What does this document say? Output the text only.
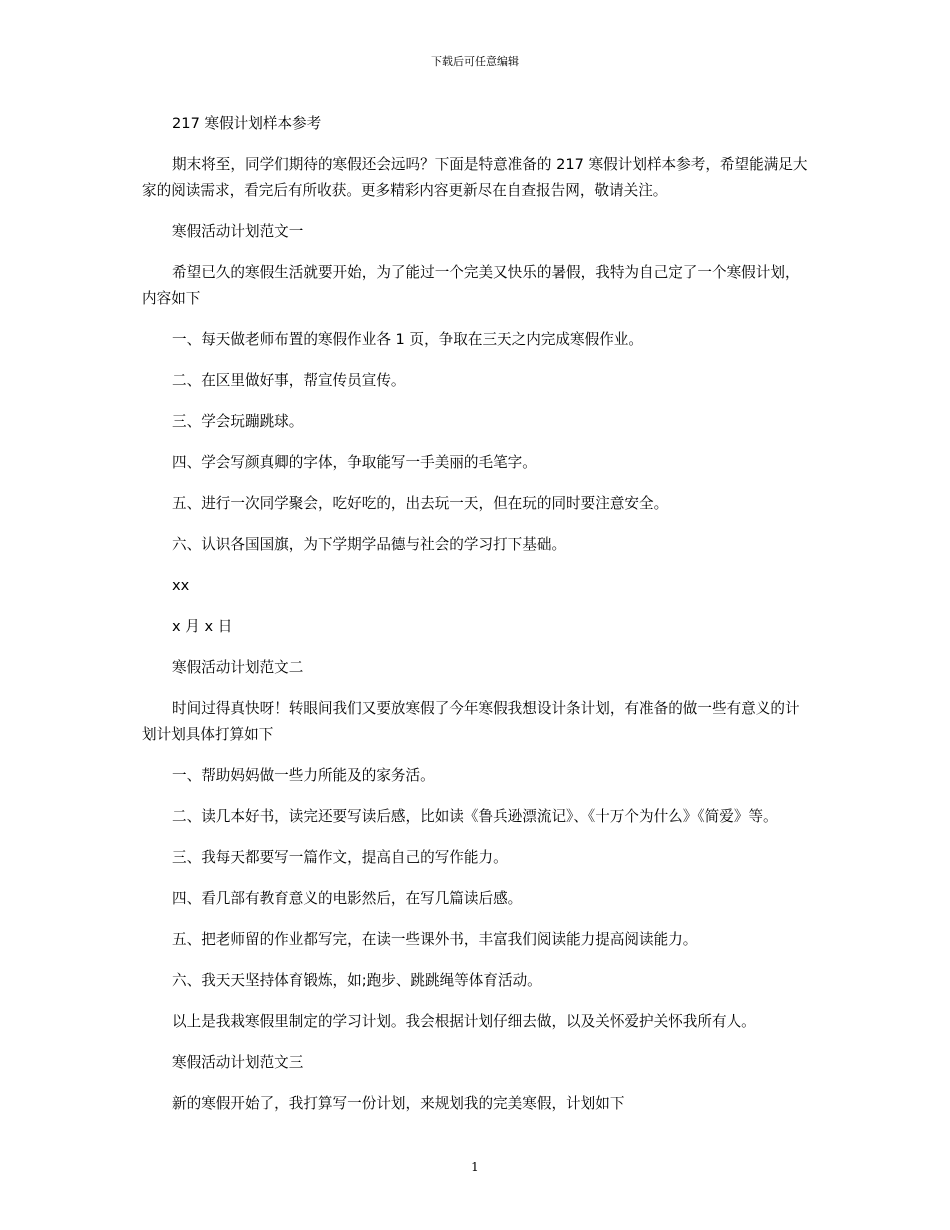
下载后可任意编辑

217 寒假计划样本参考

期末将至，同学们期待的寒假还会远吗？下面是特意准备的 217 寒假计划样本参考，希望能满足大家的阅读需求，看完后有所收获。更多精彩内容更新尽在自查报告网，敬请关注。

寒假活动计划范文一

希望已久的寒假生活就要开始，为了能过一个完美又快乐的暑假，我特为自己定了一个寒假计划，内容如下

一、每天做老师布置的寒假作业各 1 页，争取在三天之内完成寒假作业。

二、在区里做好事，帮宣传员宣传。

三、学会玩蹦跳球。

四、学会写颜真卿的字体，争取能写一手美丽的毛笔字。

五、进行一次同学聚会，吃好吃的，出去玩一天，但在玩的同时要注意安全。

六、认识各国国旗，为下学期学品德与社会的学习打下基础。

xx

x 月 x 日

寒假活动计划范文二

时间过得真快呀！转眼间我们又要放寒假了今年寒假我想设计条计划，有准备的做一些有意义的计划计划具体打算如下

一、帮助妈妈做一些力所能及的家务活。

二、读几本好书，读完还要写读后感，比如读《鲁兵逊漂流记》、《十万个为什么》《简爱》等。

三、我每天都要写一篇作文，提高自己的写作能力。

四、看几部有教育意义的电影然后，在写几篇读后感。

五、把老师留的作业都写完，在读一些课外书，丰富我们阅读能力提高阅读能力。

六、我天天坚持体育锻炼，如;跑步、跳跳绳等体育活动。

以上是我栽寒假里制定的学习计划。我会根据计划仔细去做，以及关怀爱护关怀我所有人。

寒假活动计划范文三

新的寒假开始了，我打算写一份计划，来规划我的完美寒假，计划如下

1
